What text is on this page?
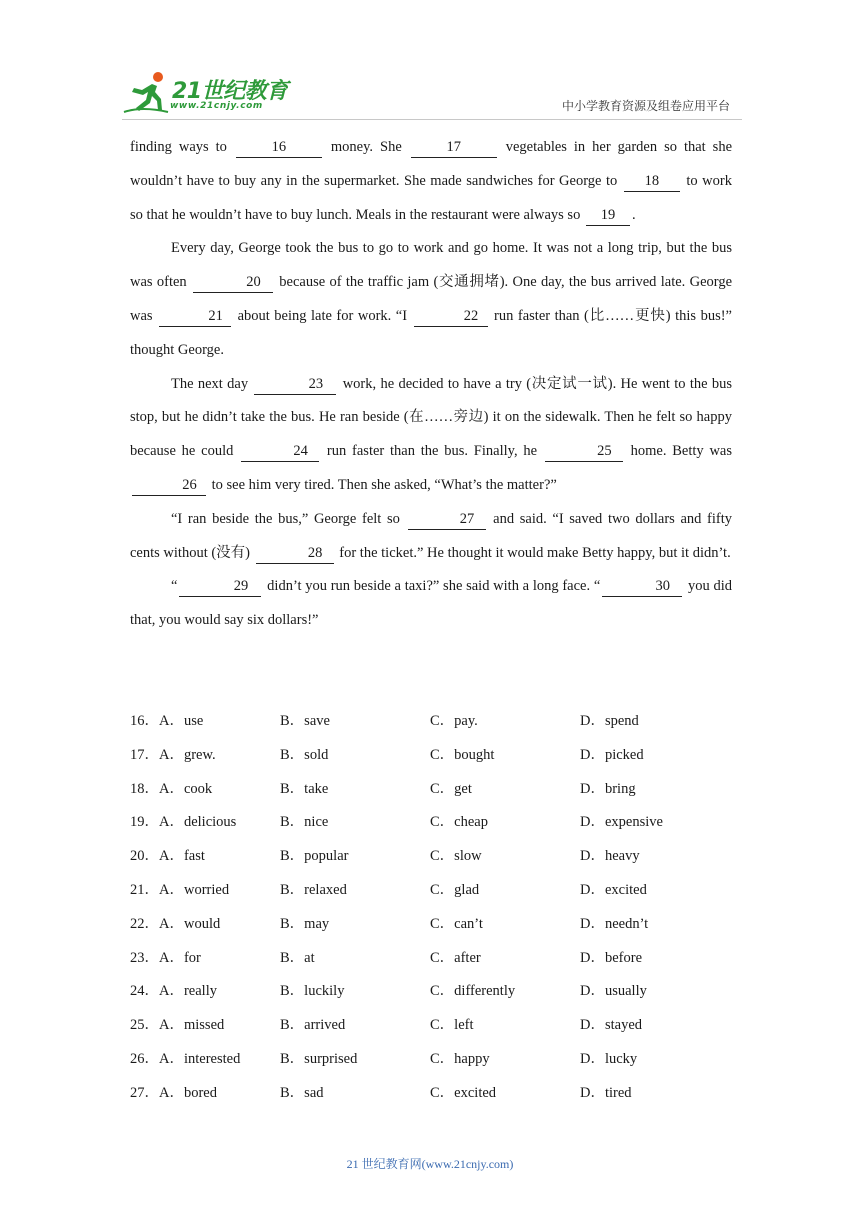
21世纪教育
www.21cnjy.com	中小学教育资源及组卷应用平台

finding ways to	16	money. She	17	vegetables in her garden so that she wouldn’t have to buy any in the supermarket. She made sandwiches for George to 18 to work so that he wouldn’t have to buy lunch. Meals in the restaurant were always so 19 .

Every day, George took the bus to go to work and go home. It was not a long trip, but the bus was often	20 because of the traffic jam (交通拥堵). One day, the bus arrived late. George was	21 about being late for work. “I	22 run faster than (比……更快) this bus!” thought George.

The next day	23 work, he decided to have a try (决定试一试). He went to the bus stop, but he didn’t take the bus. He ran beside (在……旁边) it on the sidewalk. Then he felt so happy because he could	24 run faster than the bus. Finally, he	25 home. Betty was 26 to see him very tired. Then she asked, “What’s the matter?”

“I ran beside the bus,” George felt so	27 and said. “I saved two dollars and fifty cents without (没有)	28 for the ticket.” He thought it would make Betty happy, but it didn’t.

“	29 didn’t you run beside a taxi?” she said with a long face. “	30 you did that, you would say six dollars!”

16．A．use	B．save	C．pay.	D．spend
17．A．grew.	B．sold	C．bought	D．picked
18．A．cook	B．take	C．get	D．bring
19．A．delicious	B．nice	C．cheap	D．expensive
20．A．fast	B．popular	C．slow	D．heavy
21．A．worried	B．relaxed	C．glad	D．excited
22．A．would	B．may	C．can’t	D．needn’t
23．A．for	B．at	C．after	D．before
24．A．really	B．luckily	C．differently	D．usually
25．A．missed	B．arrived	C．left	D．stayed
26．A．interested	B．surprised	C．happy	D．lucky
27．A．bored	B．sad	C．excited	D．tired
21 世纪教育网(www.21cnjy.com)
